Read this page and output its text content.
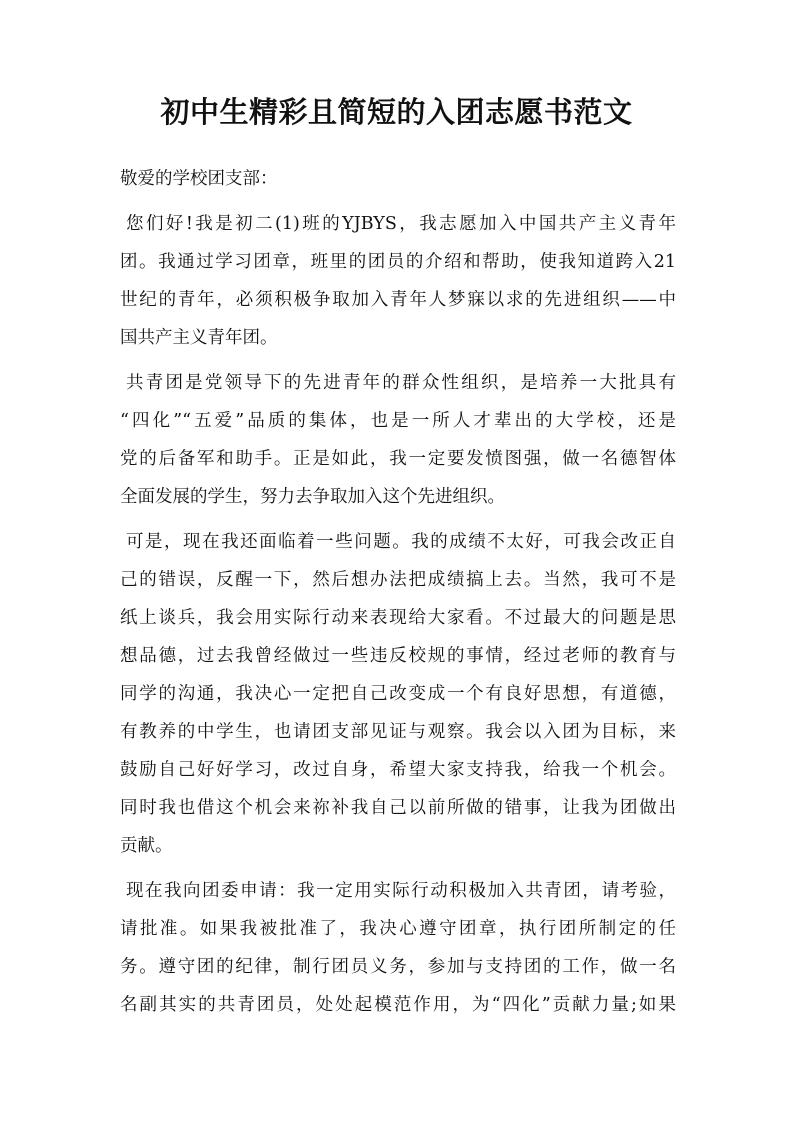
初中生精彩且简短的入团志愿书范文
敬爱的学校团支部：
您们好!我是初二(1)班的YJBYS，我志愿加入中国共产主义青年
团。我通过学习团章，班里的团员的介绍和帮助，使我知道跨入21
世纪的青年，必须积极争取加入青年人梦寐以求的先进组织——中
国共产主义青年团。
共青团是党领导下的先进青年的群众性组织，是培养一大批具有
“四化”“五爱”品质的集体，也是一所人才辈出的大学校，还是
党的后备军和助手。正是如此，我一定要发愤图强，做一名德智体
全面发展的学生，努力去争取加入这个先进组织。
可是，现在我还面临着一些问题。我的成绩不太好，可我会改正自
己的错误，反醒一下，然后想办法把成绩搞上去。当然，我可不是
纸上谈兵，我会用实际行动来表现给大家看。不过最大的问题是思
想品德，过去我曾经做过一些违反校规的事情，经过老师的教育与
同学的沟通，我决心一定把自己改变成一个有良好思想，有道德，
有教养的中学生，也请团支部见证与观察。我会以入团为目标，来
鼓励自己好好学习，改过自身，希望大家支持我，给我一个机会。
同时我也借这个机会来祢补我自己以前所做的错事，让我为团做出
贡献。
现在我向团委申请：我一定用实际行动积极加入共青团，请考验，
请批准。如果我被批准了，我决心遵守团章，执行团所制定的任
务。遵守团的纪律，制行团员义务，参加与支持团的工作，做一名
名副其实的共青团员，处处起模范作用，为“四化”贡献力量;如果
